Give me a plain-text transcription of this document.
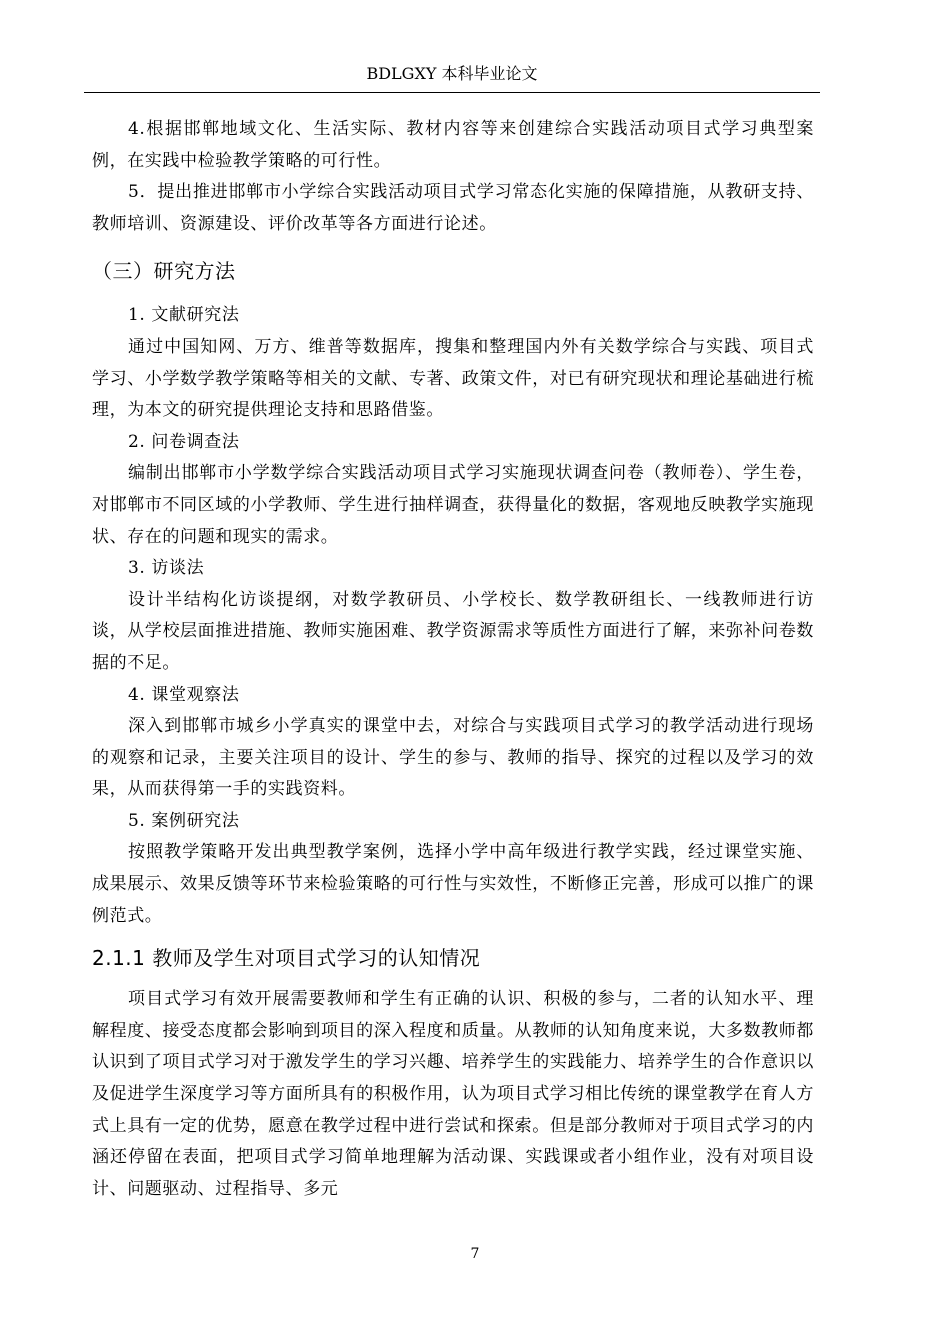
BDLGXY 本科毕业论文

4.根据邯郸地域文化、生活实际、教材内容等来创建综合实践活动项目式学习典型案例，在实践中检验教学策略的可行性。

5．提出推进邯郸市小学综合实践活动项目式学习常态化实施的保障措施，从教研支持、教师培训、资源建设、评价改革等各方面进行论述。

（三）研究方法

1. 文献研究法

通过中国知网、万方、维普等数据库，搜集和整理国内外有关数学综合与实践、项目式学习、小学数学教学策略等相关的文献、专著、政策文件，对已有研究现状和理论基础进行梳理，为本文的研究提供理论支持和思路借鉴。

2. 问卷调查法

编制出邯郸市小学数学综合实践活动项目式学习实施现状调查问卷（教师卷）、学生卷，对邯郸市不同区域的小学教师、学生进行抽样调查，获得量化的数据，客观地反映教学实施现状、存在的问题和现实的需求。

3. 访谈法

设计半结构化访谈提纲，对数学教研员、小学校长、数学教研组长、一线教师进行访谈，从学校层面推进措施、教师实施困难、教学资源需求等质性方面进行了解，来弥补问卷数据的不足。

4. 课堂观察法

深入到邯郸市城乡小学真实的课堂中去，对综合与实践项目式学习的教学活动进行现场的观察和记录，主要关注项目的设计、学生的参与、教师的指导、探究的过程以及学习的效果，从而获得第一手的实践资料。

5. 案例研究法

按照教学策略开发出典型教学案例，选择小学中高年级进行教学实践，经过课堂实施、成果展示、效果反馈等环节来检验策略的可行性与实效性，不断修正完善，形成可以推广的课例范式。

2.1.1 教师及学生对项目式学习的认知情况

项目式学习有效开展需要教师和学生有正确的认识、积极的参与，二者的认知水平、理解程度、接受态度都会影响到项目的深入程度和质量。从教师的认知角度来说，大多数教师都认识到了项目式学习对于激发学生的学习兴趣、培养学生的实践能力、培养学生的合作意识以及促进学生深度学习等方面所具有的积极作用，认为项目式学习相比传统的课堂教学在育人方式上具有一定的优势，愿意在教学过程中进行尝试和探索。但是部分教师对于项目式学习的内涵还停留在表面，把项目式学习简单地理解为活动课、实践课或者小组作业，没有对项目设计、问题驱动、过程指导、多元

7
